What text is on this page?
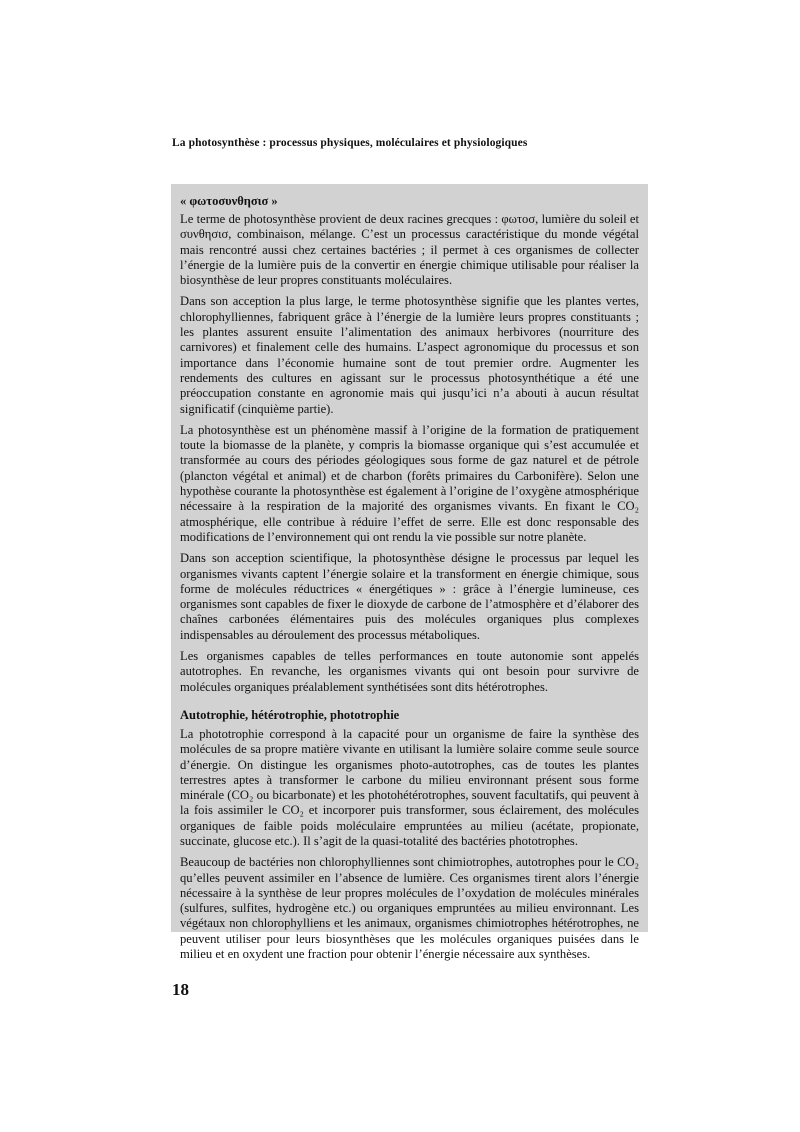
La photosynthèse : processus physiques, moléculaires et physiologiques
« φωτοσυνθησισ »

Le terme de photosynthèse provient de deux racines grecques : φωτοσ, lumière du soleil et συνθησισ, combinaison, mélange. C’est un processus caractéristique du monde végétal mais rencontré aussi chez certaines bactéries ; il permet à ces organismes de collecter l’énergie de la lumière puis de la convertir en énergie chimique utilisable pour réaliser la biosynthèse de leur propres constituants moléculaires.

Dans son acception la plus large, le terme photosynthèse signifie que les plantes vertes, chlorophylliennes, fabriquent grâce à l’énergie de la lumière leurs propres constituants ; les plantes assurent ensuite l’alimentation des animaux herbivores (nourriture des carnivores) et finalement celle des humains. L’aspect agronomique du processus et son importance dans l’économie humaine sont de tout premier ordre. Augmenter les rendements des cultures en agissant sur le processus photosynthétique a été une préoccupation constante en agronomie mais qui jusqu’ici n’a abouti à aucun résultat significatif (cinquième partie).

La photosynthèse est un phénomène massif à l’origine de la formation de pratiquement toute la biomasse de la planète, y compris la biomasse organique qui s’est accumulée et transformée au cours des périodes géologiques sous forme de gaz naturel et de pétrole (plancton végétal et animal) et de charbon (forêts primaires du Carbonifère). Selon une hypothèse courante la photosynthèse est également à l’origine de l’oxygène atmosphérique nécessaire à la respiration de la majorité des organismes vivants. En fixant le CO₂ atmosphérique, elle contribue à réduire l’effet de serre. Elle est donc responsable des modifications de l’environnement qui ont rendu la vie possible sur notre planète.

Dans son acception scientifique, la photosynthèse désigne le processus par lequel les organismes vivants captent l’énergie solaire et la transforment en énergie chimique, sous forme de molécules réductrices « énergétiques » : grâce à l’énergie lumineuse, ces organismes sont capables de fixer le dioxyde de carbone de l’atmosphère et d’élaborer des chaînes carbonées élémentaires puis des molécules organiques plus complexes indispensables au déroulement des processus métaboliques.

Les organismes capables de telles performances en toute autonomie sont appelés autotrophes. En revanche, les organismes vivants qui ont besoin pour survivre de molécules organiques préalablement synthétisées sont dits hétérotrophes.

Autotrophie, hétérotrophie, phototrophie

La phototrophie correspond à la capacité pour un organisme de faire la synthèse des molécules de sa propre matière vivante en utilisant la lumière solaire comme seule source d’énergie. On distingue les organismes photo-autotrophes, cas de toutes les plantes terrestres aptes à transformer le carbone du milieu environnant présent sous forme minérale (CO₂ ou bicarbonate) et les photohétérotrophes, souvent facultatifs, qui peuvent à la fois assimiler le CO₂ et incorporer puis transformer, sous éclairement, des molécules organiques de faible poids moléculaire empruntées au milieu (acétate, propionate, succinate, glucose etc.). Il s’agit de la quasi-totalité des bactéries phototrophes.

Beaucoup de bactéries non chlorophylliennes sont chimiotrophes, autotrophes pour le CO₂ qu’elles peuvent assimiler en l’absence de lumière. Ces organismes tirent alors l’énergie nécessaire à la synthèse de leur propres molécules de l’oxydation de molécules minérales (sulfures, sulfites, hydrogène etc.) ou organiques empruntées au milieu environnant. Les végétaux non chlorophylliens et les animaux, organismes chimiotrophes hétérotrophes, ne peuvent utiliser pour leurs biosynthèses que les molécules organiques puisées dans le milieu et en oxydent une fraction pour obtenir l’énergie nécessaire aux synthèses.

18
